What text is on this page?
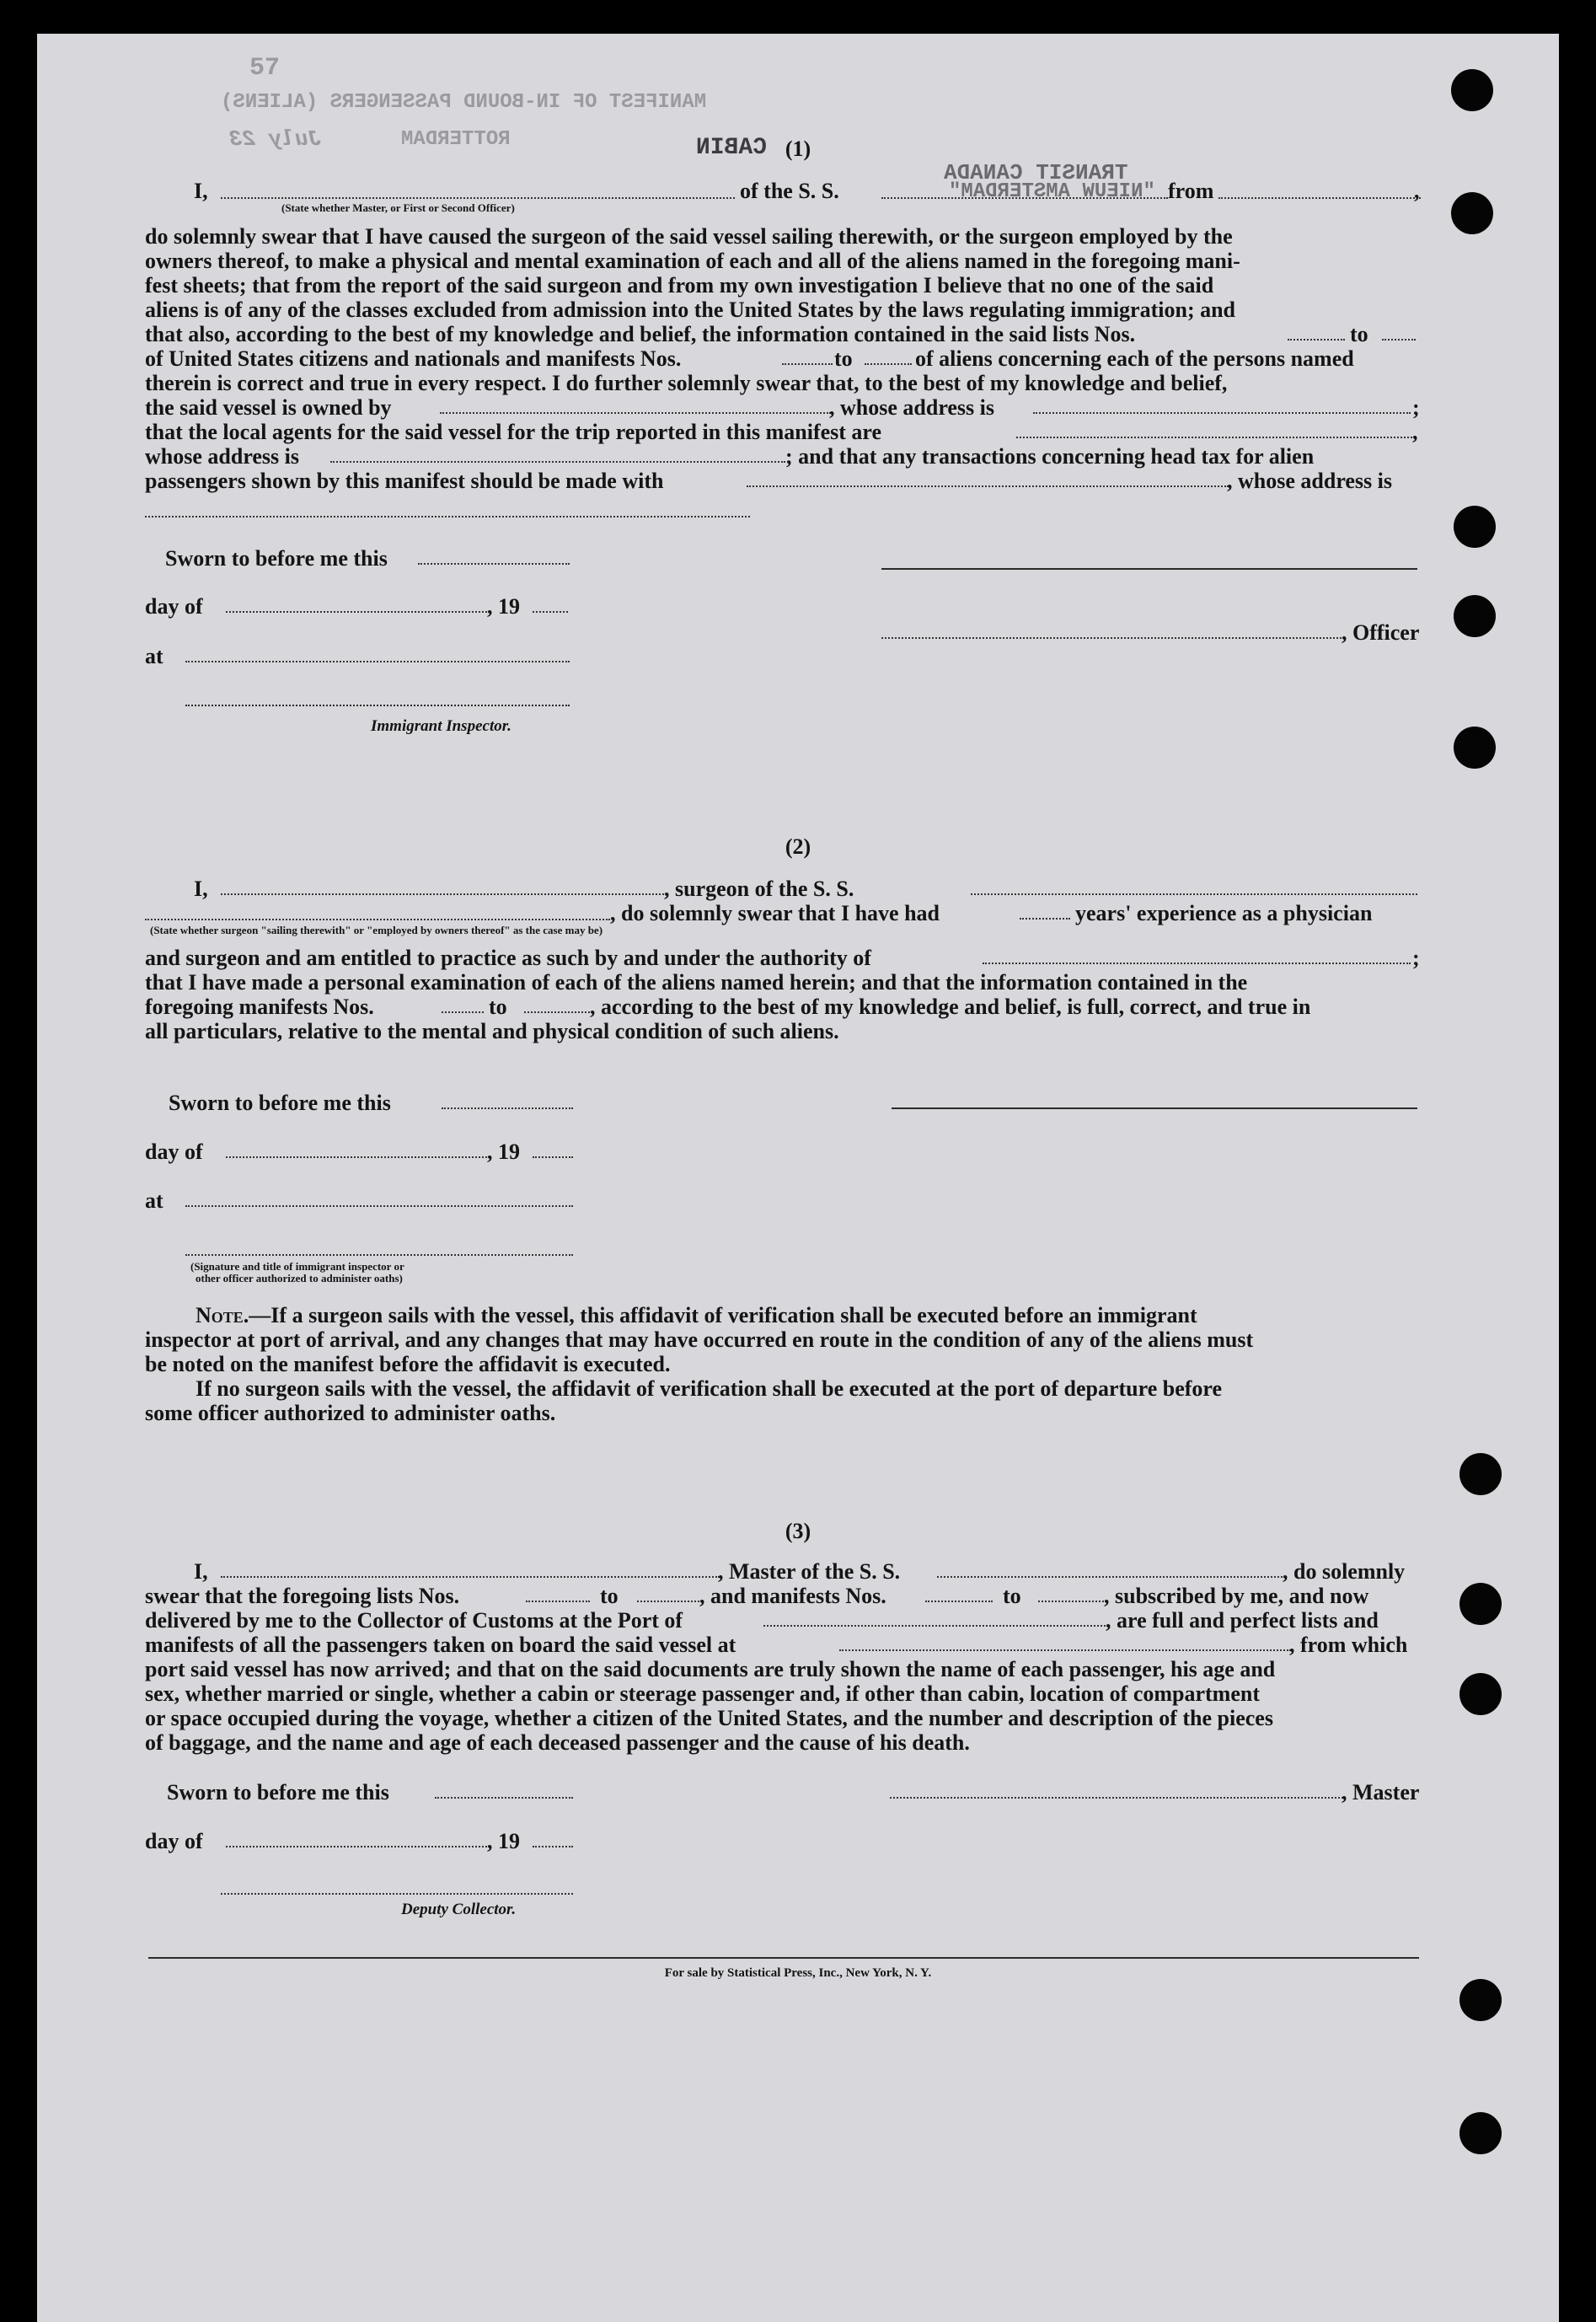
57
MANIFEST OF IN-BOUND PASSENGERS (ALIENS)
ROTTERDAM
July 23	CABIN
TRANSIT CANADA
"NIEUW AMSTERDAM"
(1)
I,	of the S. S.	from	,
(State whether Master, or First or Second Officer)
do solemnly swear that I have caused the surgeon of the said vessel sailing therewith, or the surgeon employed by the
owners thereof, to make a physical and mental examination of each and all of the aliens named in the foregoing mani-
fest sheets; that from the report of the said surgeon and from my own investigation I believe that no one of the said
aliens is of any of the classes excluded from admission into the United States by the laws regulating immigration; and
that also, according to the best of my knowledge and belief, the information contained in the said lists Nos.	to
of United States citizens and nationals and manifests Nos.	to	of aliens concerning each of the persons named
therein is correct and true in every respect. I do further solemnly swear that, to the best of my knowledge and belief,
the said vessel is owned by	, whose address is	;
that the local agents for the said vessel for the trip reported in this manifest are	,
whose address is	; and that any transactions concerning head tax for alien
passengers shown by this manifest should be made with	, whose address is
Sworn to before me this
day of	, 19
, Officer
at
Immigrant Inspector.
(2)
I,	, surgeon of the S. S.
, do solemnly swear that I have had	years' experience as a physician
(State whether surgeon "sailing therewith" or "employed by owners thereof" as the case may be)
and surgeon and am entitled to practice as such by and under the authority of	;
that I have made a personal examination of each of the aliens named herein; and that the information contained in the
foregoing manifests Nos.	to	, according to the best of my knowledge and belief, is full, correct, and true in
all particulars, relative to the mental and physical condition of such aliens.
Sworn to before me this
day of	, 19
at
(Signature and title of immigrant inspector or
other officer authorized to administer oaths)
Note.—If a surgeon sails with the vessel, this affidavit of verification shall be executed before an immigrant
inspector at port of arrival, and any changes that may have occurred en route in the condition of any of the aliens must
be noted on the manifest before the affidavit is executed.
If no surgeon sails with the vessel, the affidavit of verification shall be executed at the port of departure before
some officer authorized to administer oaths.
(3)
I,	, Master of the S. S.	, do solemnly
swear that the foregoing lists Nos.	to	, and manifests Nos.	to	, subscribed by me, and now
delivered by me to the Collector of Customs at the Port of	, are full and perfect lists and
manifests of all the passengers taken on board the said vessel at	, from which
port said vessel has now arrived; and that on the said documents are truly shown the name of each passenger, his age and
sex, whether married or single, whether a cabin or steerage passenger and, if other than cabin, location of compartment
or space occupied during the voyage, whether a citizen of the United States, and the number and description of the pieces
of baggage, and the name and age of each deceased passenger and the cause of his death.
Sworn to before me this	, Master
day of	, 19
Deputy Collector.
For sale by Statistical Press, Inc., New York, N. Y.
